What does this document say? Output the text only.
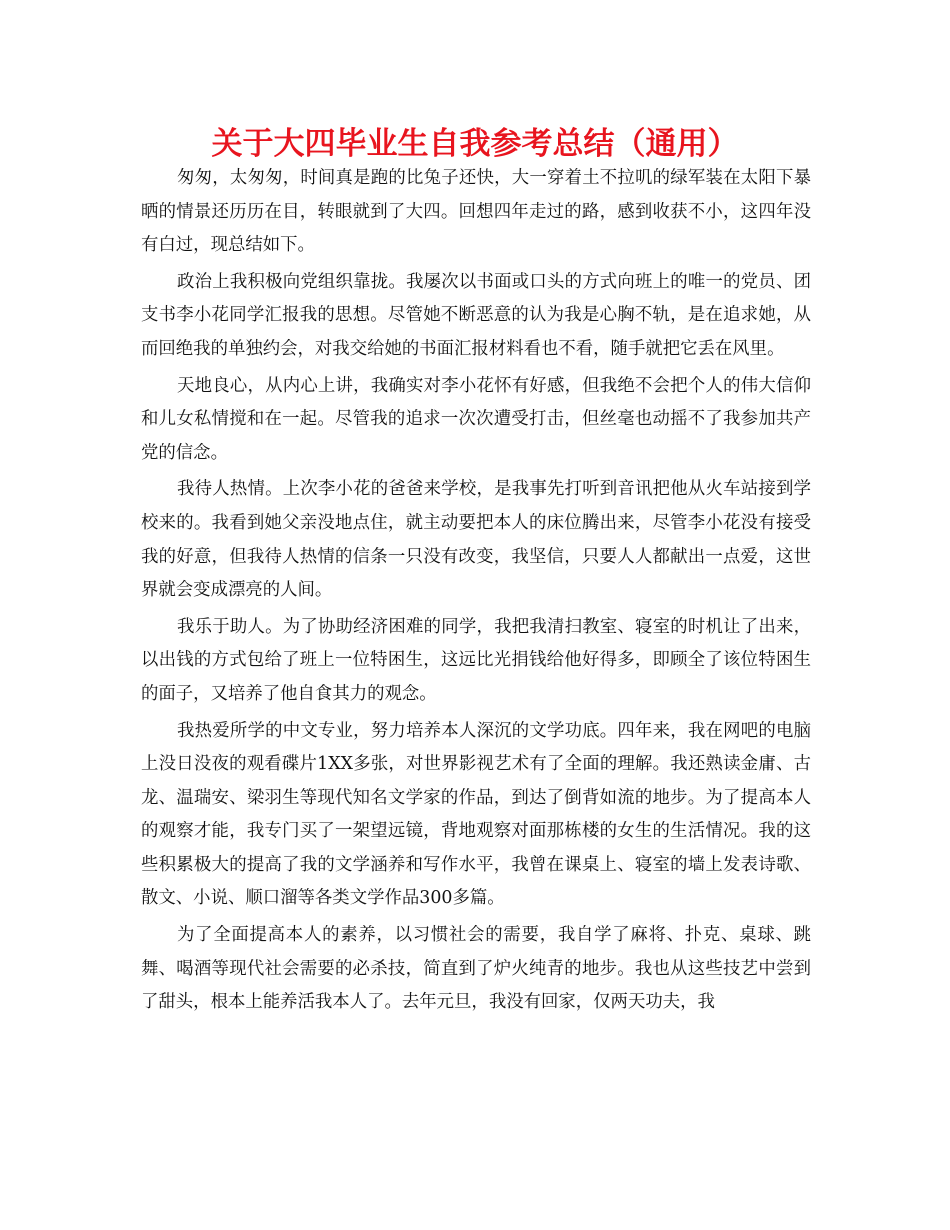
关于大四毕业生自我参考总结（通用）

匆匆，太匆匆，时间真是跑的比兔子还快，大一穿着土不拉叽的绿军装在太阳下暴晒的情景还历历在目，转眼就到了大四。回想四年走过的路，感到收获不小，这四年没有白过，现总结如下。

政治上我积极向党组织靠拢。我屡次以书面或口头的方式向班上的唯一的党员、团支书李小花同学汇报我的思想。尽管她不断恶意的认为我是心胸不轨，是在追求她，从而回绝我的单独约会，对我交给她的书面汇报材料看也不看，随手就把它丢在风里。

天地良心，从内心上讲，我确实对李小花怀有好感，但我绝不会把个人的伟大信仰和儿女私情搅和在一起。尽管我的追求一次次遭受打击，但丝毫也动摇不了我参加共产党的信念。

我待人热情。上次李小花的爸爸来学校，是我事先打听到音讯把他从火车站接到学校来的。我看到她父亲没地点住，就主动要把本人的床位腾出来，尽管李小花没有接受我的好意，但我待人热情的信条一只没有改变，我坚信，只要人人都献出一点爱，这世界就会变成漂亮的人间。

我乐于助人。为了协助经济困难的同学，我把我清扫教室、寝室的时机让了出来，以出钱的方式包给了班上一位特困生，这远比光捐钱给他好得多，即顾全了该位特困生的面子，又培养了他自食其力的观念。

我热爱所学的中文专业，努力培养本人深沉的文学功底。四年来，我在网吧的电脑上没日没夜的观看碟片1XX多张，对世界影视艺术有了全面的理解。我还熟读金庸、古龙、温瑞安、梁羽生等现代知名文学家的作品，到达了倒背如流的地步。为了提高本人的观察才能，我专门买了一架望远镜，背地观察对面那栋楼的女生的生活情况。我的这些积累极大的提高了我的文学涵养和写作水平，我曾在课桌上、寝室的墙上发表诗歌、散文、小说、顺口溜等各类文学作品300多篇。

为了全面提高本人的素养，以习惯社会的需要，我自学了麻将、扑克、桌球、跳舞、喝酒等现代社会需要的必杀技，简直到了炉火纯青的地步。我也从这些技艺中尝到了甜头，根本上能养活我本人了。去年元旦，我没有回家，仅两天功夫，我
